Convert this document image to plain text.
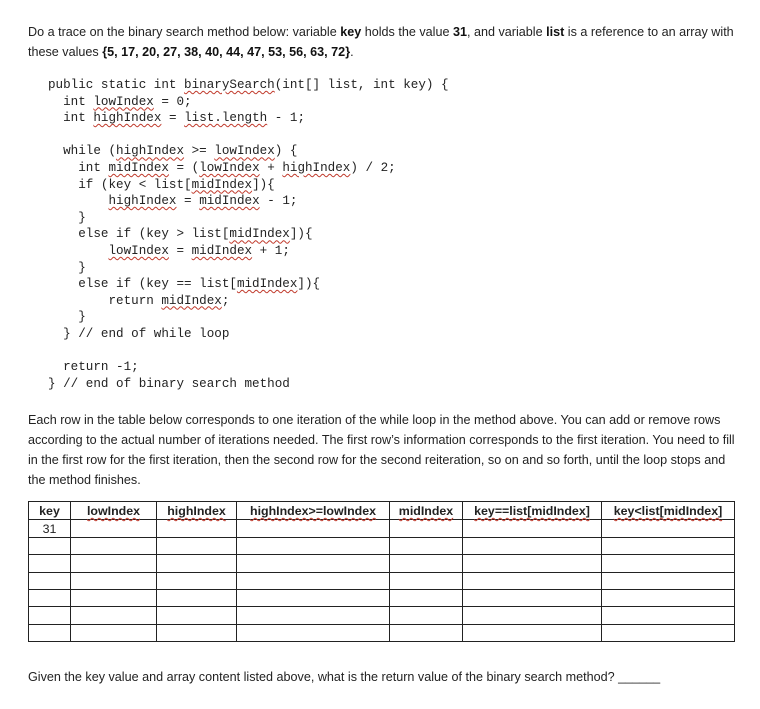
Do a trace on the binary search method below: variable key holds the value 31, and variable list is a reference to an array with these values {5, 17, 20, 27, 38, 40, 44, 47, 53, 56, 63, 72}.
public static int binarySearch(int[] list, int key) {
int lowIndex = 0;
int highIndex = list.length - 1;

while (highIndex >= lowIndex) {
int midIndex = (lowIndex + highIndex) / 2;
if (key < list[midIndex]){
highIndex = midIndex - 1;
}
else if (key > list[midIndex]){
lowIndex = midIndex + 1;
}
else if (key == list[midIndex]){
return midIndex;
}
} // end of while loop

return -1;
} // end of binary search method
Each row in the table below corresponds to one iteration of the while loop in the method above. You can add or remove rows according to the actual number of iterations needed. The first row’s information corresponds to the first iteration. You need to fill in the first row for the first iteration, then the second row for the second reiteration, so on and so forth, until the loop stops and the method finishes.
key	lowIndex	highIndex	highIndex>=lowIndex	midIndex	key==list[midIndex]	key<list[midIndex]
31						

Given the key value and array content listed above, what is the return value of the binary search method? ______
